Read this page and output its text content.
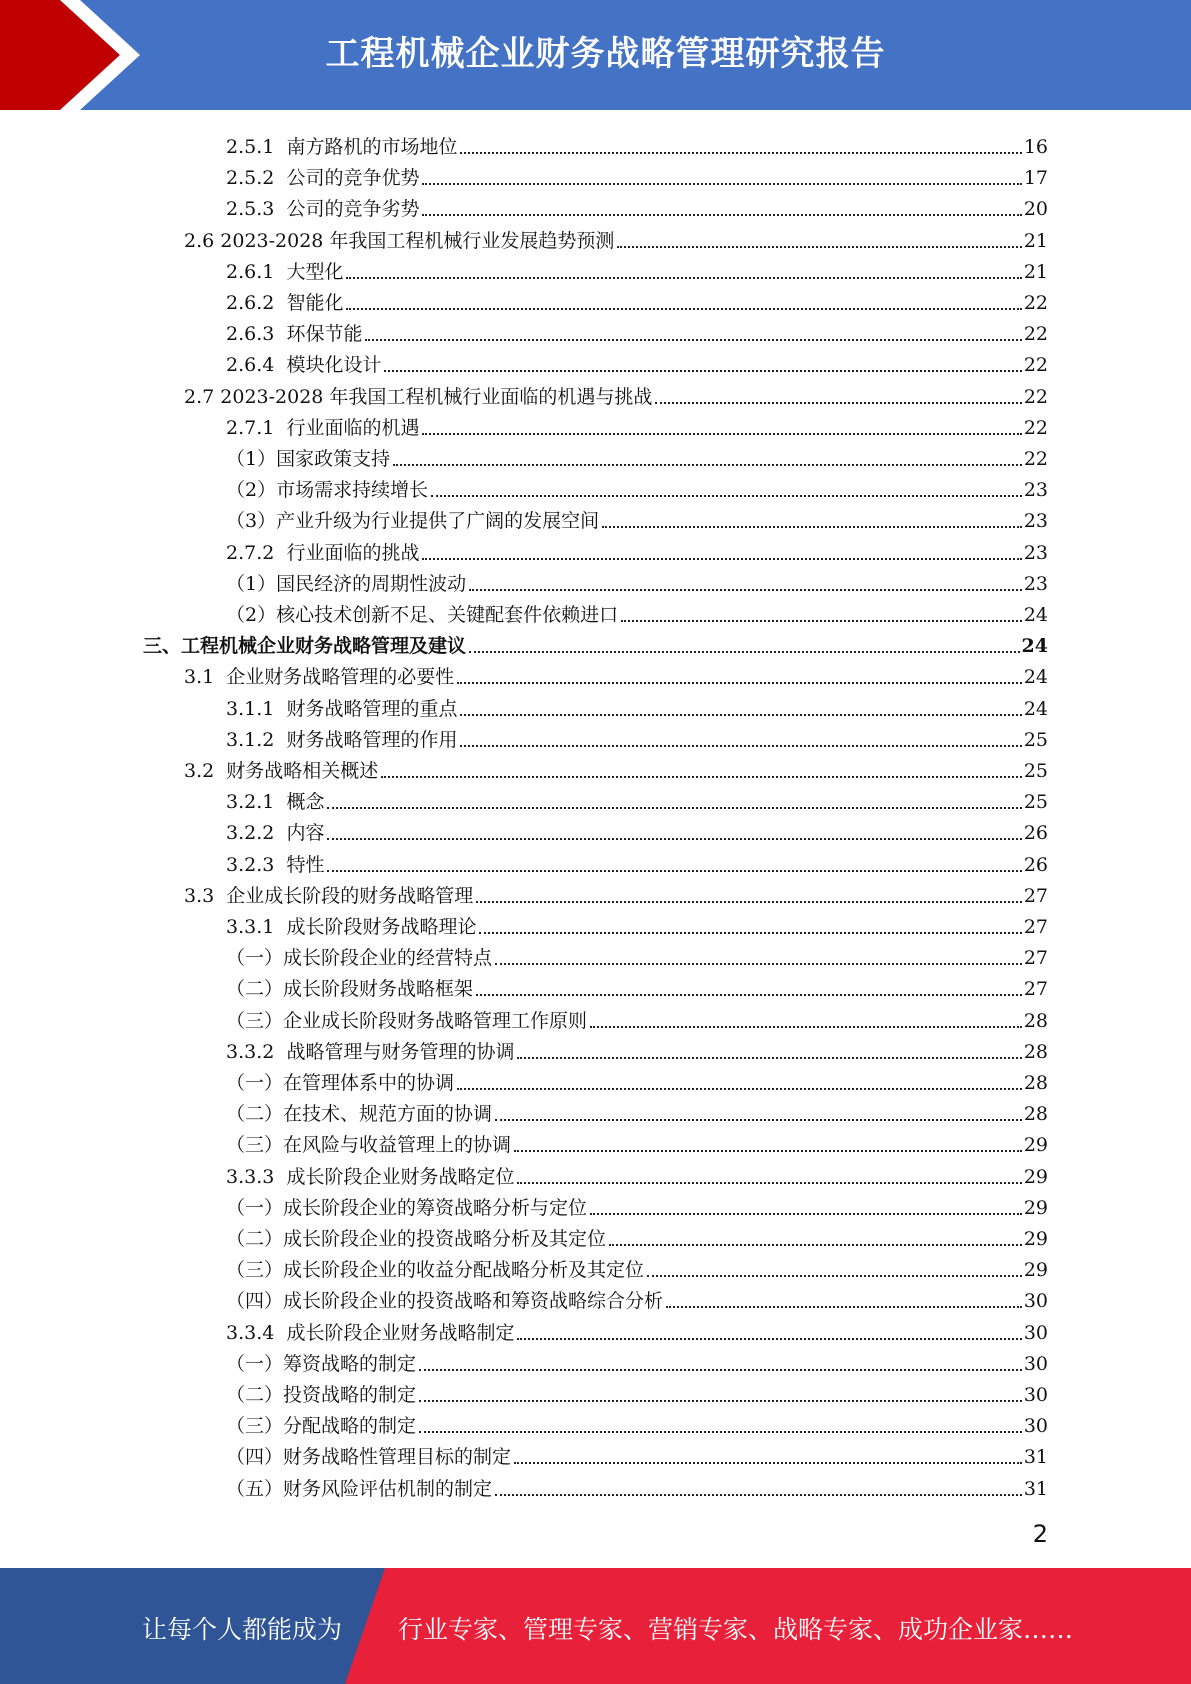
工程机械企业财务战略管理研究报告
2.5.1  南方路机的市场地位	16
2.5.2  公司的竞争优势	17
2.5.3  公司的竞争劣势	20
2.6 2023-2028 年我国工程机械行业发展趋势预测	21
2.6.1  大型化	21
2.6.2  智能化	22
2.6.3  环保节能	22
2.6.4  模块化设计	22
2.7 2023-2028 年我国工程机械行业面临的机遇与挑战	22
2.7.1  行业面临的机遇	22
（1）国家政策支持	22
（2）市场需求持续增长	23
（3）产业升级为行业提供了广阔的发展空间	23
2.7.2  行业面临的挑战	23
（1）国民经济的周期性波动	23
（2）核心技术创新不足、关键配套件依赖进口	24
三、工程机械企业财务战略管理及建议	24
3.1  企业财务战略管理的必要性	24
3.1.1  财务战略管理的重点	24
3.1.2  财务战略管理的作用	25
3.2  财务战略相关概述	25
3.2.1  概念	25
3.2.2  内容	26
3.2.3  特性	26
3.3  企业成长阶段的财务战略管理	27
3.3.1  成长阶段财务战略理论	27
（一）成长阶段企业的经营特点	27
（二）成长阶段财务战略框架	27
（三）企业成长阶段财务战略管理工作原则	28
3.3.2  战略管理与财务管理的协调	28
（一）在管理体系中的协调	28
（二）在技术、规范方面的协调	28
（三）在风险与收益管理上的协调	29
3.3.3  成长阶段企业财务战略定位	29
（一）成长阶段企业的筹资战略分析与定位	29
（二）成长阶段企业的投资战略分析及其定位	29
（三）成长阶段企业的收益分配战略分析及其定位	29
（四）成长阶段企业的投资战略和筹资战略综合分析	30
3.3.4  成长阶段企业财务战略制定	30
（一）筹资战略的制定	30
（二）投资战略的制定	30
（三）分配战略的制定	30
（四）财务战略性管理目标的制定	31
（五）财务风险评估机制的制定	31
2
让每个人都能成为 行业专家、管理专家、营销专家、战略专家、成功企业家……
